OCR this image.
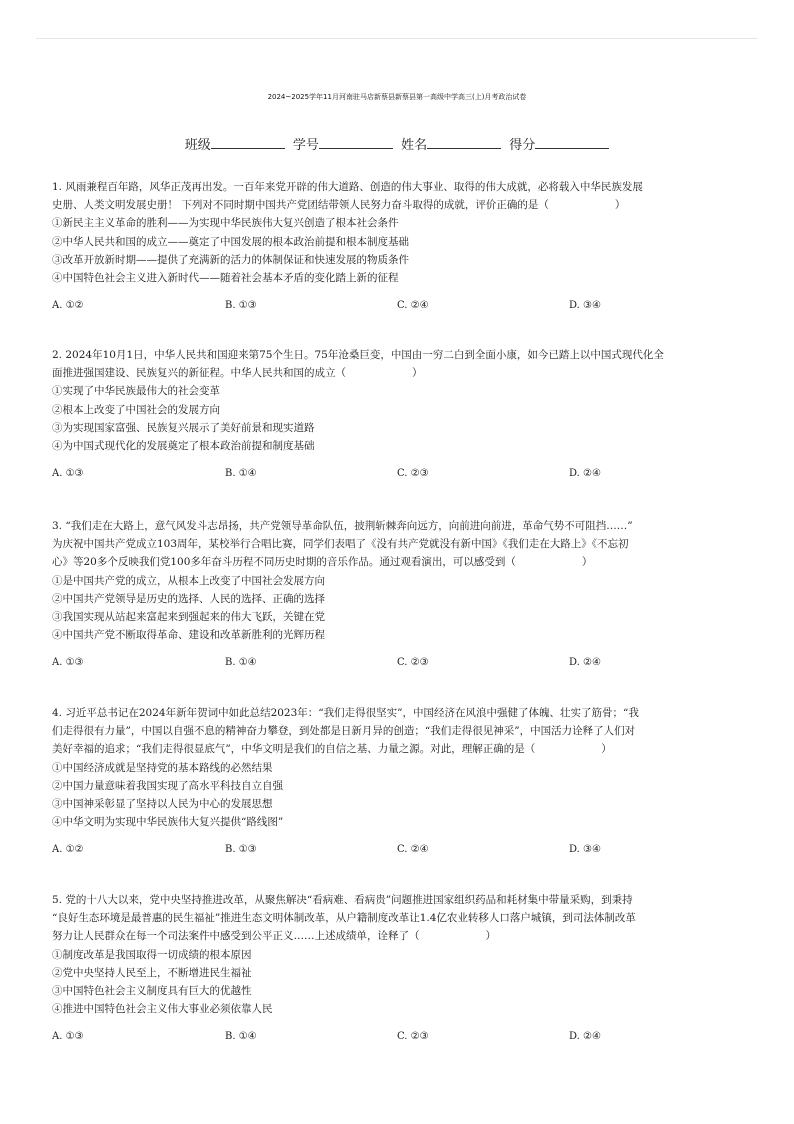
2024~2025学年11月河南驻马店新蔡县新蔡县第一高级中学高三(上)月考政治试卷
班级	学号	姓名	得分

1. 风雨兼程百年路，风华正茂再出发。一百年来党开辟的伟大道路、创造的伟大事业、取得的伟大成就，必将载入中华民族发展

史册、人类文明发展史册！ 下列对不同时期中国共产党团结带领人民努力奋斗取得的成就，评价正确的是（	）

①新民主主义革命的胜利——为实现中华民族伟大复兴创造了根本社会条件

②中华人民共和国的成立——奠定了中国发展的根本政治前提和根本制度基础

③改革开放新时期——提供了充满新的活力的体制保证和快速发展的物质条件

④中国特色社会主义进入新时代——随着社会基本矛盾的变化踏上新的征程

A. ①②	B. ①③	C. ②④	D. ③④

2. 2024年10月1日，中华人民共和国迎来第75个生日。75年沧桑巨变，中国由一穷二白到全面小康，如今已踏上以中国式现代化全

面推进强国建设、民族复兴的新征程。中华人民共和国的成立（	）

①实现了中华民族最伟大的社会变革

②根本上改变了中国社会的发展方向

③为实现国家富强、民族复兴展示了美好前景和现实道路

④为中国式现代化的发展奠定了根本政治前提和制度基础

A. ①③	B. ①④	C. ②③	D. ②④

3. “我们走在大路上，意气风发斗志昂扬，共产党领导革命队伍，披荆斩棘奔向远方，向前进向前进，革命气势不可阻挡……”

为庆祝中国共产党成立103周年，某校举行合唱比赛，同学们表唱了《没有共产党就没有新中国》《我们走在大路上》《不忘初

心》等20多个反映我们党100多年奋斗历程不同历史时期的音乐作品。通过观看演出，可以感受到（	）

①是中国共产党的成立，从根本上改变了中国社会发展方向

②中国共产党领导是历史的选择、人民的选择、正确的选择

③我国实现从站起来富起来到强起来的伟大飞跃，关键在党

④中国共产党不断取得革命、建设和改革新胜利的光辉历程

A. ①③	B. ①④	C. ②③	D. ②④

4. 习近平总书记在2024年新年贺词中如此总结2023年：“我们走得很坚实”，中国经济在风浪中强健了体魄、壮实了筋骨；“我

们走得很有力量”，中国以自强不息的精神奋力攀登，到处都是日新月异的创造；“我们走得很见神采”，中国活力诠释了人们对

美好幸福的追求；“我们走得很显底气”，中华文明是我们的自信之基、力量之源。对此，理解正确的是（	）

①中国经济成就是坚持党的基本路线的必然结果

②中国力量意味着我国实现了高水平科技自立自强

③中国神采彰显了坚持以人民为中心的发展思想

④中华文明为实现中华民族伟大复兴提供“路线图”

A. ①②	B. ①③	C. ②④	D. ③④

5. 党的十八大以来，党中央坚持推进改革，从聚焦解决“看病难、看病贵”问题推进国家组织药品和耗材集中带量采购，到秉持

“良好生态环境是最普惠的民生福祉”推进生态文明体制改革，从户籍制度改革让1.4亿农业转移人口落户城镇，到司法体制改革

努力让人民群众在每一个司法案件中感受到公平正义……上述成绩单，诠释了（	）

①制度改革是我国取得一切成绩的根本原因

②党中央坚持人民至上，不断增进民生福祉

③中国特色社会主义制度具有巨大的优越性

④推进中国特色社会主义伟大事业必须依靠人民

A. ①③	B. ①④	C. ②③	D. ②④
